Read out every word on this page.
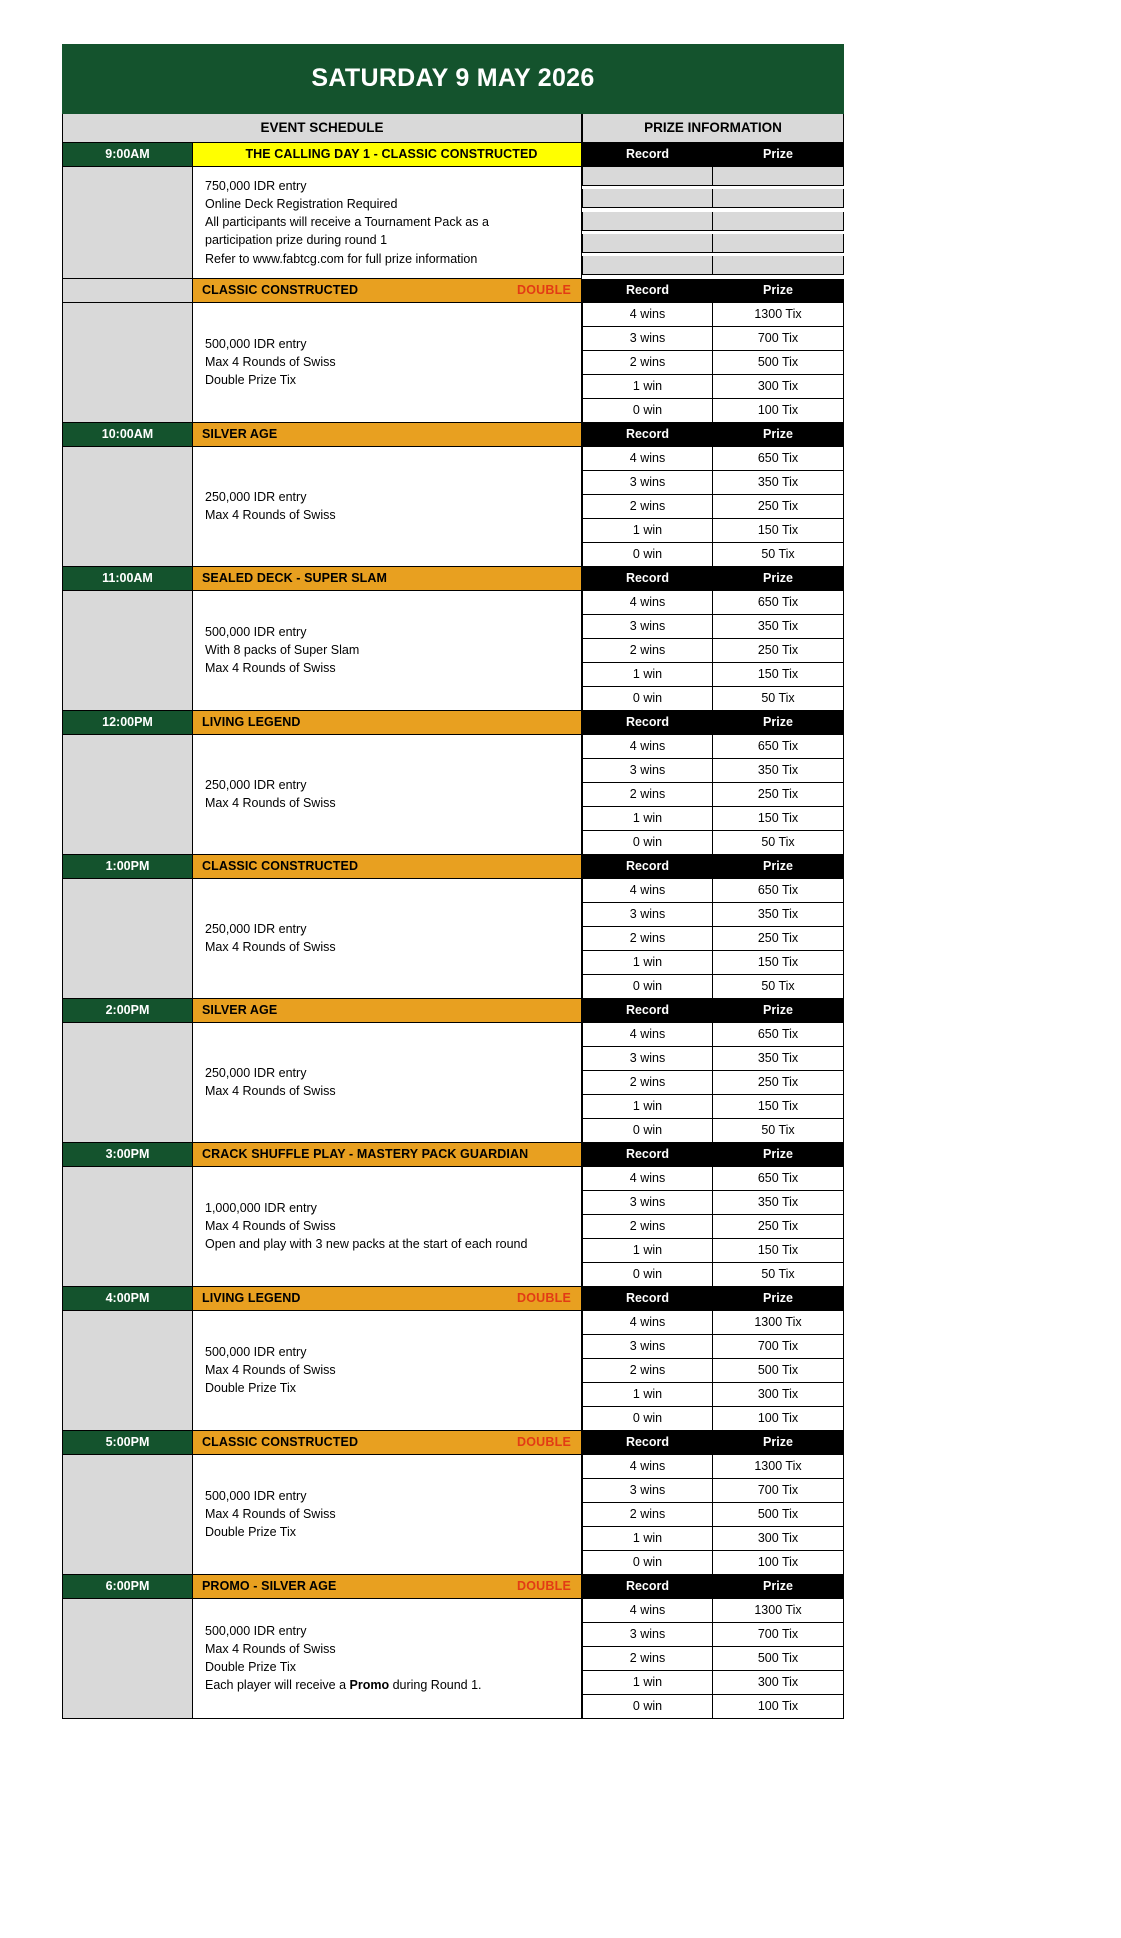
SATURDAY 9 MAY 2026
EVENT SCHEDULE	PRIZE INFORMATION
9:00AM	THE CALLING DAY 1 - CLASSIC CONSTRUCTED
750,000 IDR entry
Online Deck Registration Required
All participants will receive a Tournament Pack as a
participation prize during round 1
Refer to www.fabtcg.com for full prize information
Record	Prize

CLASSIC CONSTRUCTED	DOUBLE
500,000 IDR entry
Max 4 Rounds of Swiss
Double Prize Tix
Record	Prize
4 wins	1300 Tix
3 wins	700 Tix
2 wins	500 Tix
1 win	300 Tix
0 win	100 Tix
10:00AM	SILVER AGE
250,000 IDR entry
Max 4 Rounds of Swiss
Record	Prize
4 wins	650 Tix
3 wins	350 Tix
2 wins	250 Tix
1 win	150 Tix
0 win	50 Tix
11:00AM	SEALED DECK - SUPER SLAM
500,000 IDR entry
With 8 packs of Super Slam
Max 4 Rounds of Swiss
Record	Prize
4 wins	650 Tix
3 wins	350 Tix
2 wins	250 Tix
1 win	150 Tix
0 win	50 Tix
12:00PM	LIVING LEGEND
250,000 IDR entry
Max 4 Rounds of Swiss
Record	Prize
4 wins	650 Tix
3 wins	350 Tix
2 wins	250 Tix
1 win	150 Tix
0 win	50 Tix
1:00PM	CLASSIC CONSTRUCTED
250,000 IDR entry
Max 4 Rounds of Swiss
Record	Prize
4 wins	650 Tix
3 wins	350 Tix
2 wins	250 Tix
1 win	150 Tix
0 win	50 Tix
2:00PM	SILVER AGE
250,000 IDR entry
Max 4 Rounds of Swiss
Record	Prize
4 wins	650 Tix
3 wins	350 Tix
2 wins	250 Tix
1 win	150 Tix
0 win	50 Tix
3:00PM	CRACK SHUFFLE PLAY - MASTERY PACK GUARDIAN
1,000,000 IDR entry
Max 4 Rounds of Swiss
Open and play with 3 new packs at the start of each round
Record	Prize
4 wins	650 Tix
3 wins	350 Tix
2 wins	250 Tix
1 win	150 Tix
0 win	50 Tix
4:00PM	LIVING LEGEND	DOUBLE
500,000 IDR entry
Max 4 Rounds of Swiss
Double Prize Tix
Record	Prize
4 wins	1300 Tix
3 wins	700 Tix
2 wins	500 Tix
1 win	300 Tix
0 win	100 Tix
5:00PM	CLASSIC CONSTRUCTED	DOUBLE
500,000 IDR entry
Max 4 Rounds of Swiss
Double Prize Tix
Record	Prize
4 wins	1300 Tix
3 wins	700 Tix
2 wins	500 Tix
1 win	300 Tix
0 win	100 Tix
6:00PM	PROMO - SILVER AGE	DOUBLE
500,000 IDR entry
Max 4 Rounds of Swiss
Double Prize Tix
Each player will receive a Promo during Round 1.
Record	Prize
4 wins	1300 Tix
3 wins	700 Tix
2 wins	500 Tix
1 win	300 Tix
0 win	100 Tix
